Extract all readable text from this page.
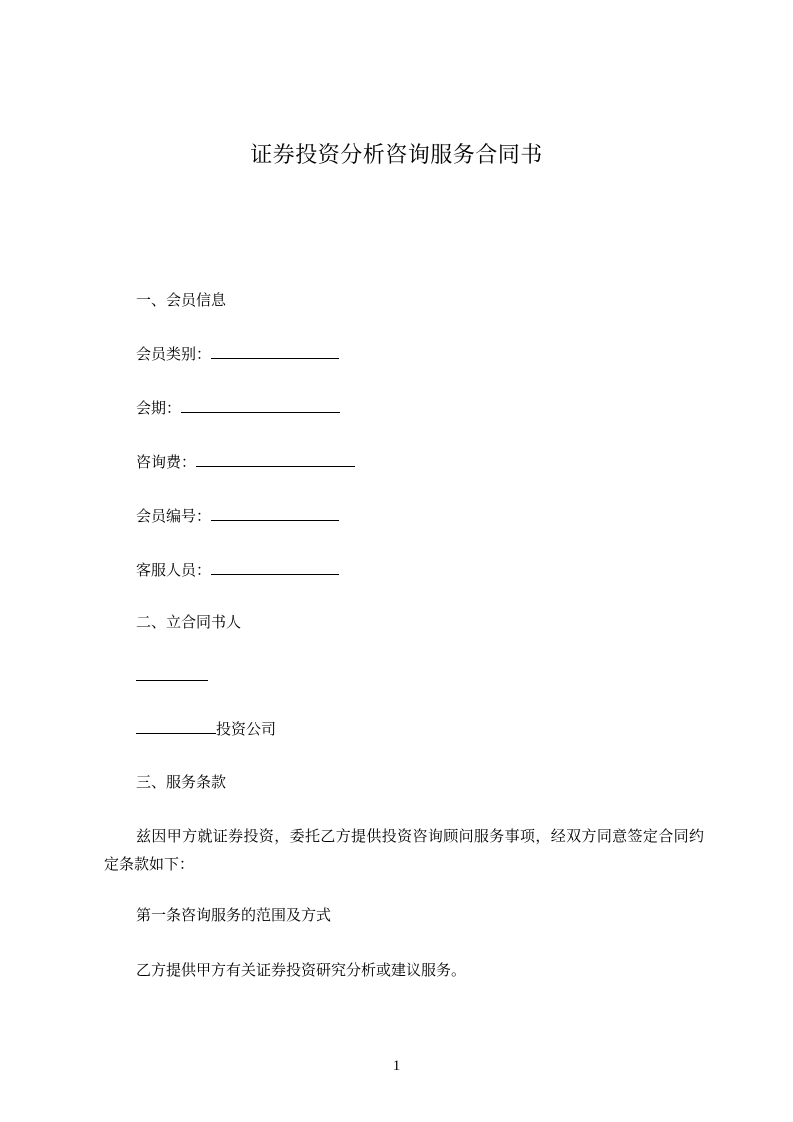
证券投资分析咨询服务合同书
一、会员信息
会员类别：
会期：
咨询费：
会员编号：
客服人员：
二、立合同书人
投资公司
三、服务条款
兹因甲方就证券投资，委托乙方提供投资咨询顾问服务事项，经双方同意签定合同约定条款如下：
第一条咨询服务的范围及方式
乙方提供甲方有关证券投资研究分析或建议服务。
1
